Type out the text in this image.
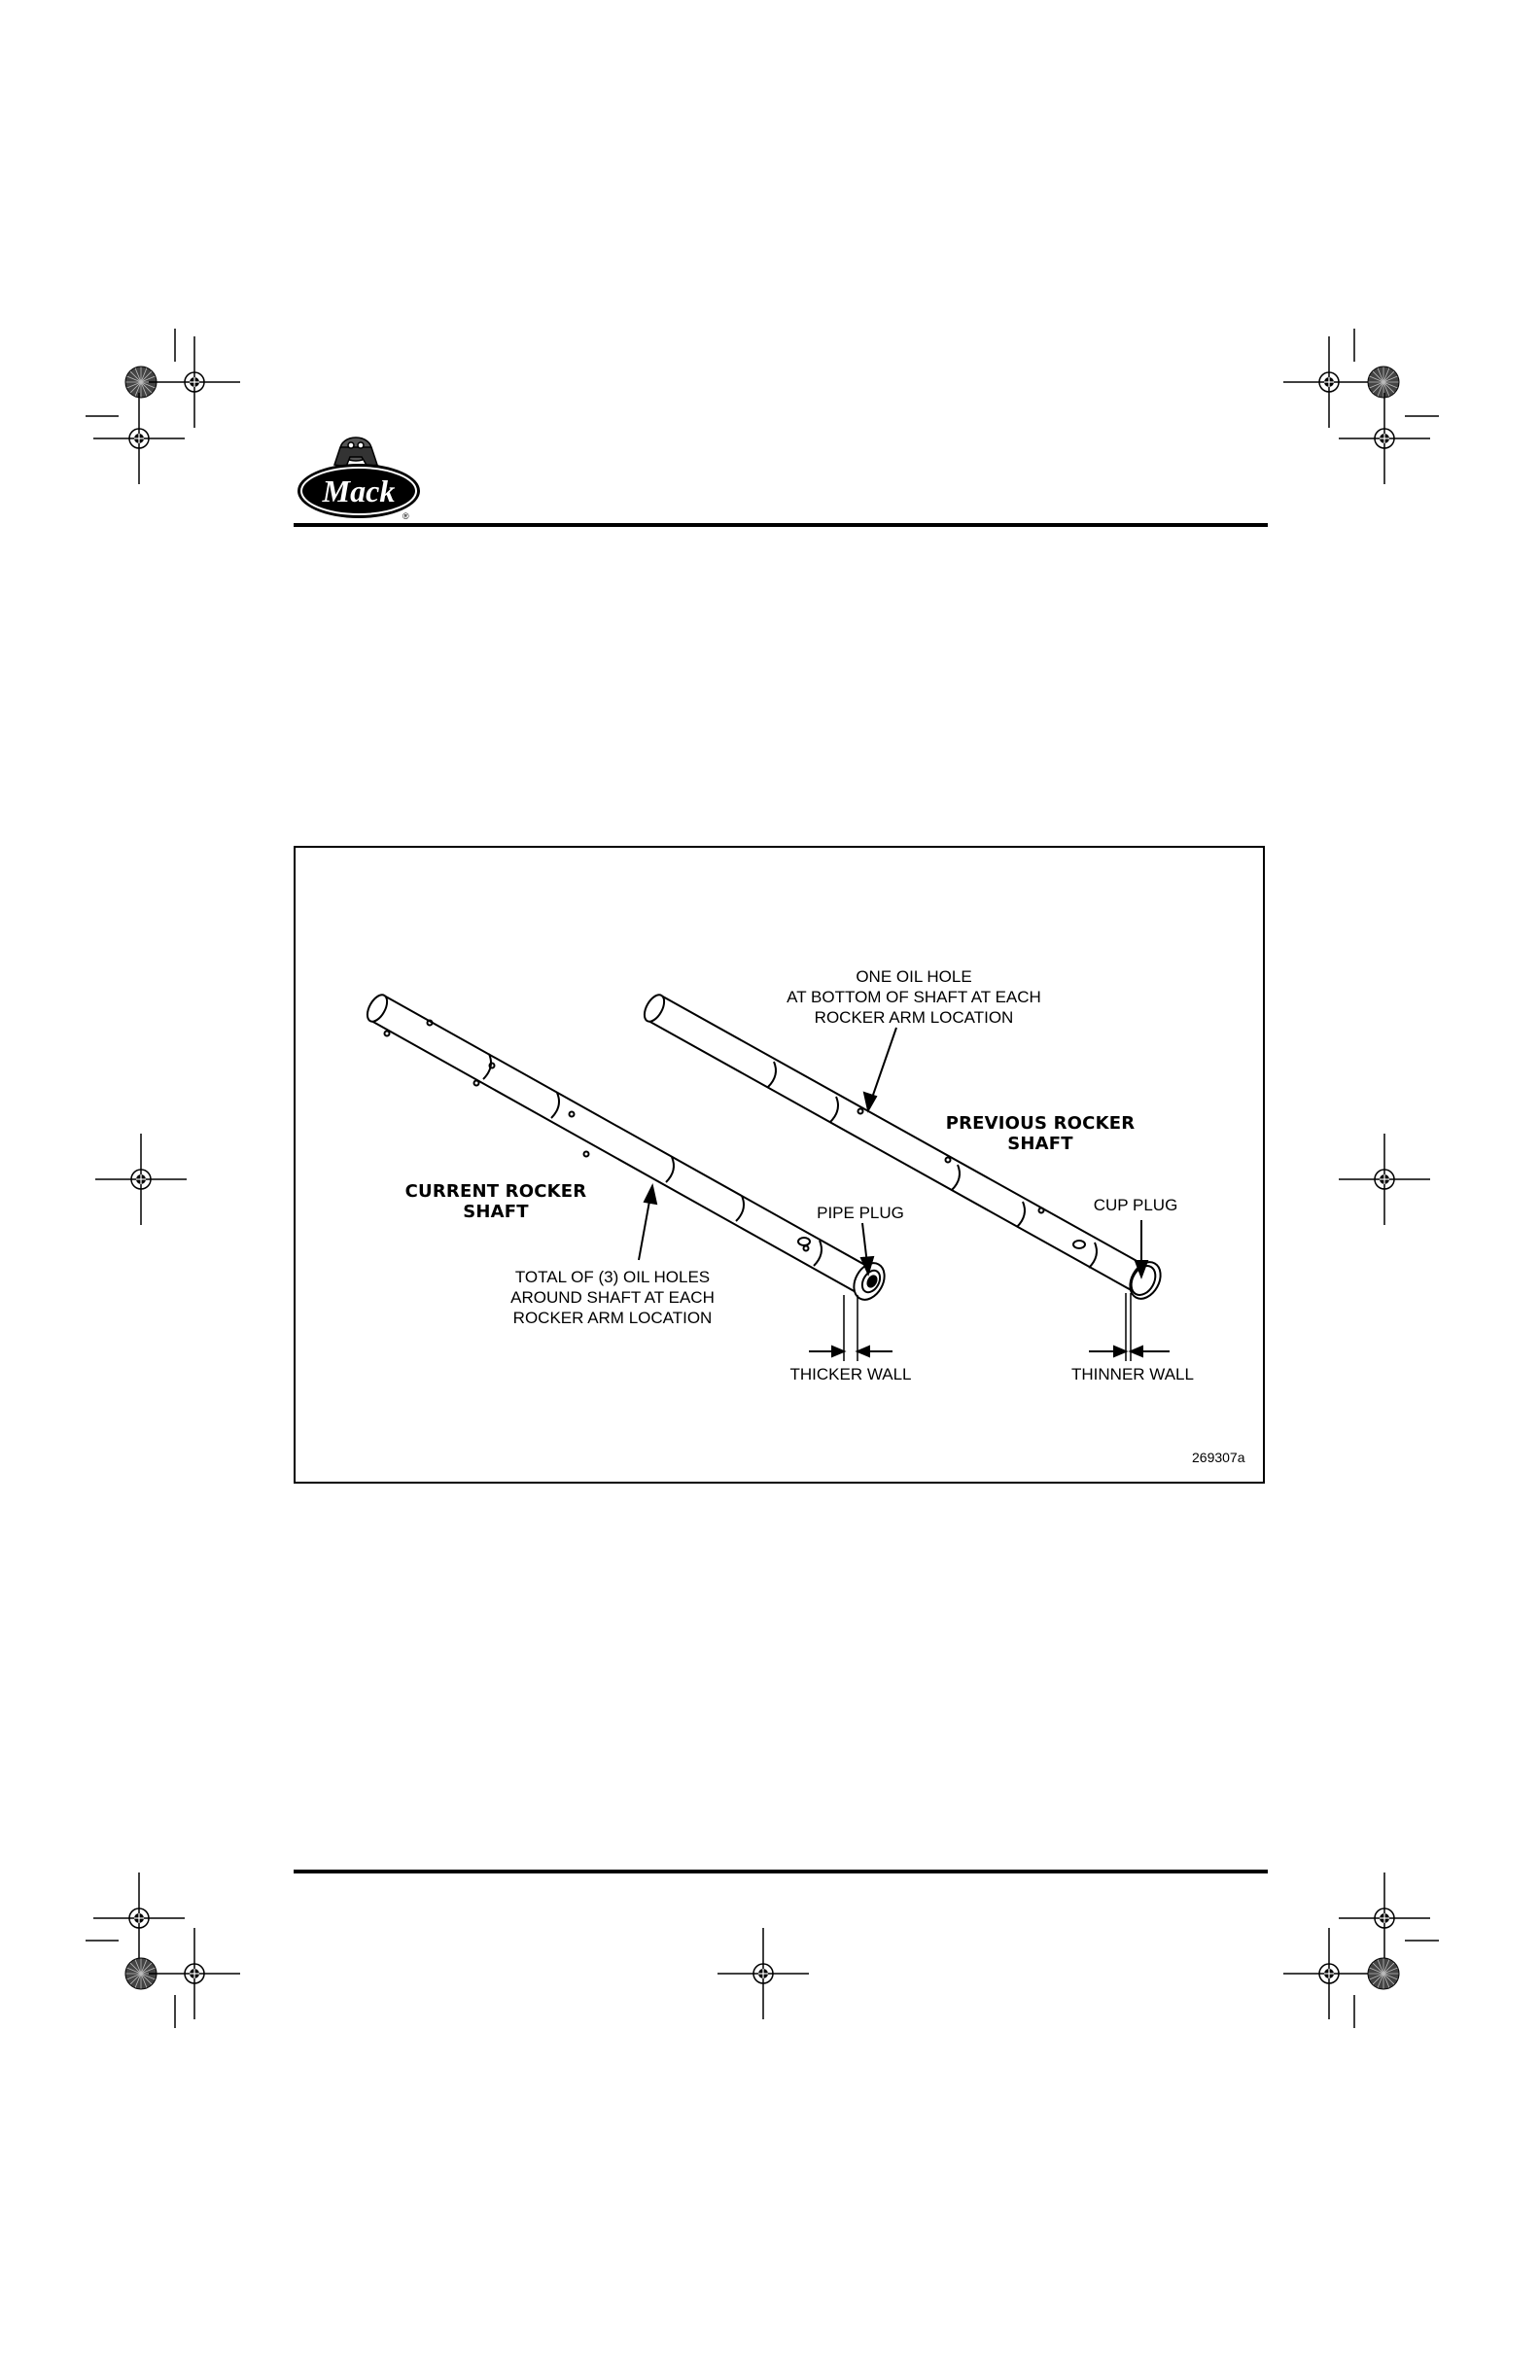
Mack
®
ONE OIL HOLE
AT BOTTOM OF SHAFT AT EACH
ROCKER ARM LOCATION
PREVIOUS ROCKER
SHAFT
CURRENT ROCKER
SHAFT	PIPE PLUG	CUP PLUG
TOTAL OF (3) OIL HOLES
AROUND SHAFT AT EACH
ROCKER ARM LOCATION
THICKER WALL	THINNER WALL
269307a
